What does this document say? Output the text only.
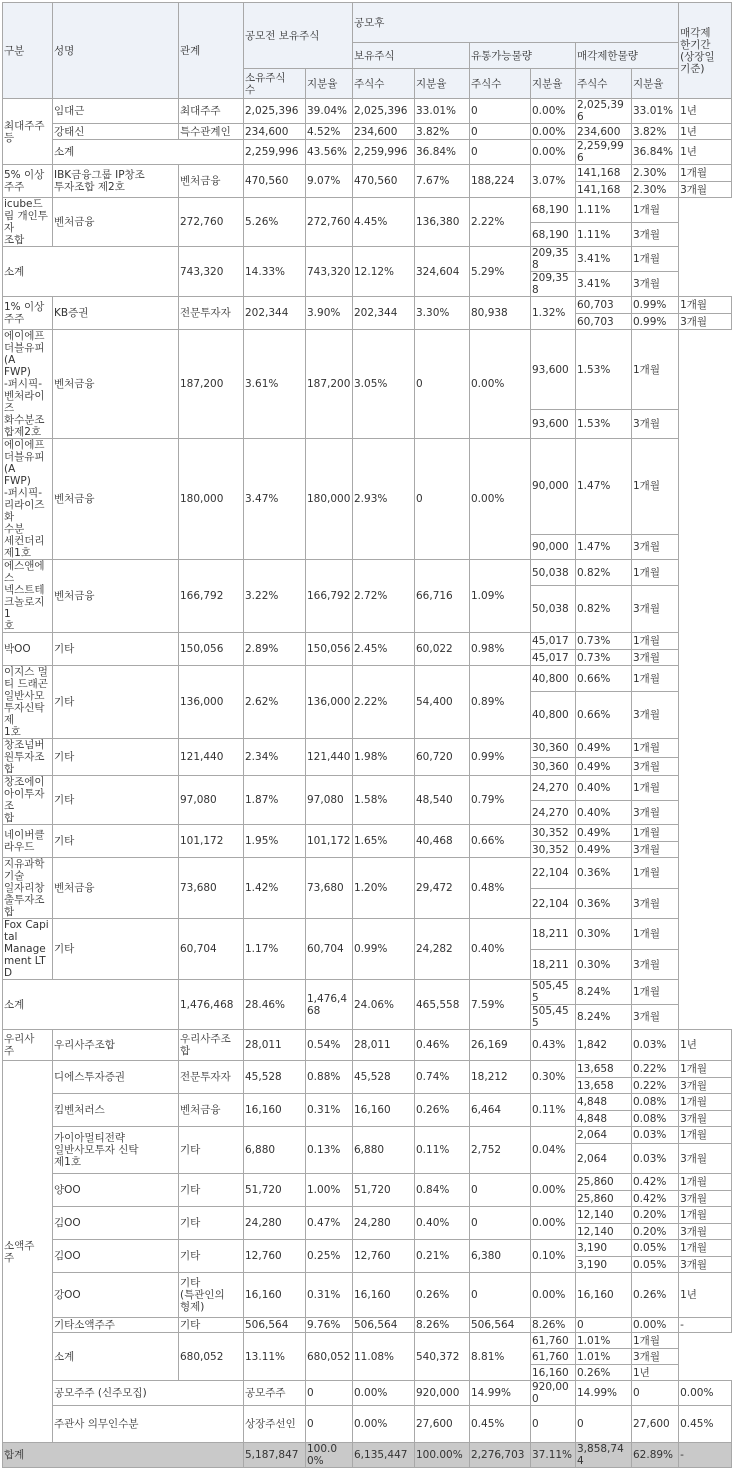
구분	성명	관계	공모전 보유주식		공모후						매각제
한기간
(상장일
기준)	
					보유주식		유통가능물량		매각제한물량			
			소유주식
수	지분율	주식수	지분율	주식수	지분율	주식수	지분율		
최대주주
등	임대근	최대주주	2,025,396	39.04%	2,025,396	33.01%	0	0.00%	2,025,396	33.01%	1년	
	강태신	특수관계인	234,600	4.52%	234,600	3.82%	0	0.00%	234,600	3.82%	1년	
	소계		2,259,996	43.56%	2,259,996	36.84%	0	0.00%	2,259,996	36.84%	1년	
5% 이상
주주	IBK금융그룹 IP창조
투자조합 제2호	벤처금융	470,560	9.07%	470,560	7.67%	188,224	3.07%	141,168	2.30%	1개월	
									141,168	2.30%	3개월	
icube드림 개인투자
조합	벤처금융	272,760	5.26%	272,760	4.45%	136,380	2.22%	68,190	1.11%	1개월		
								68,190	1.11%	3개월		
소계		743,320	14.33%	743,320	12.12%	324,604	5.29%	209,358	3.41%	1개월		
								209,358	3.41%	3개월		
1% 이상
주주	KB증권	전문투자자	202,344	3.90%	202,344	3.30%	80,938	1.32%	60,703	0.99%	1개월	
									60,703	0.99%	3개월	
에이에프더블유피(A
FWP)
-퍼시픽-벤처라이즈
화수분조합제2호	벤처금융	187,200	3.61%	187,200	3.05%	0	0.00%	93,600	1.53%	1개월		
								93,600	1.53%	3개월		
에이에프더블유피(A
FWP)
-퍼시픽-리라이즈 화
수분
세컨더리 제1호	벤처금융	180,000	3.47%	180,000	2.93%	0	0.00%	90,000	1.47%	1개월		
								90,000	1.47%	3개월		
에스앤에스
넥스트테크놀로지 1
호	벤처금융	166,792	3.22%	166,792	2.72%	66,716	1.09%	50,038	0.82%	1개월		
								50,038	0.82%	3개월		
박OO	기타	150,056	2.89%	150,056	2.45%	60,022	0.98%	45,017	0.73%	1개월		
								45,017	0.73%	3개월		
이지스 멀티 드래곤
일반사모투자신탁 제
1호	기타	136,000	2.62%	136,000	2.22%	54,400	0.89%	40,800	0.66%	1개월		
								40,800	0.66%	3개월		
창조넘버원투자조합	기타	121,440	2.34%	121,440	1.98%	60,720	0.99%	30,360	0.49%	1개월		
								30,360	0.49%	3개월		
창조에이아이투자조
합	기타	97,080	1.87%	97,080	1.58%	48,540	0.79%	24,270	0.40%	1개월		
								24,270	0.40%	3개월		
네이버클라우드	기타	101,172	1.95%	101,172	1.65%	40,468	0.66%	30,352	0.49%	1개월		
								30,352	0.49%	3개월		
지유과학기술
일자리창출투자조합	벤처금융	73,680	1.42%	73,680	1.20%	29,472	0.48%	22,104	0.36%	1개월		
								22,104	0.36%	3개월		
Fox Capital
Management LTD	기타	60,704	1.17%	60,704	0.99%	24,282	0.40%	18,211	0.30%	1개월		
								18,211	0.30%	3개월		
소계		1,476,468	28.46%	1,476,468	24.06%	465,558	7.59%	505,455	8.24%	1개월		
								505,455	8.24%	3개월		
우리사
주	우리사주조합	우리사주조
합	28,011	0.54%	28,011	0.46%	26,169	0.43%	1,842	0.03%	1년	
소액주
주	디에스투자증권	전문투자자	45,528	0.88%	45,528	0.74%	18,212	0.30%	13,658	0.22%	1개월	
									13,658	0.22%	3개월	
	킴벤처러스	벤처금융	16,160	0.31%	16,160	0.26%	6,464	0.11%	4,848	0.08%	1개월	
									4,848	0.08%	3개월	
	가이아멀티전략
일반사모투자 신탁
제1호	기타	6,880	0.13%	6,880	0.11%	2,752	0.04%	2,064	0.03%	1개월	
									2,064	0.03%	3개월	
	양OO	기타	51,720	1.00%	51,720	0.84%	0	0.00%	25,860	0.42%	1개월	
									25,860	0.42%	3개월	
	김OO	기타	24,280	0.47%	24,280	0.40%	0	0.00%	12,140	0.20%	1개월	
									12,140	0.20%	3개월	
	김OO	기타	12,760	0.25%	12,760	0.21%	6,380	0.10%	3,190	0.05%	1개월	
									3,190	0.05%	3개월	
	강OO	기타
(특관인의
형제)	16,160	0.31%	16,160	0.26%	0	0.00%	16,160	0.26%	1년	
	기타소액주주	기타	506,564	9.76%	506,564	8.26%	506,564	8.26%	0	0.00%	-	
	소계	680,052	13.11%	680,052	11.08%	540,372	8.81%	61,760	1.01%	1개월		
								61,760	1.01%	3개월		
								16,160	0.26%	1년		
	공모주주 (신주모집)		공모주주	0	0.00%	920,000	14.99%	920,000	14.99%	0	0.00%	
	주관사 의무인수분		상장주선인	0	0.00%	27,600	0.45%	0	0	27,600	0.45%	
합계			5,187,847	100.00%	6,135,447	100.00%	2,276,703	37.11%	3,858,744	62.89%	-	
